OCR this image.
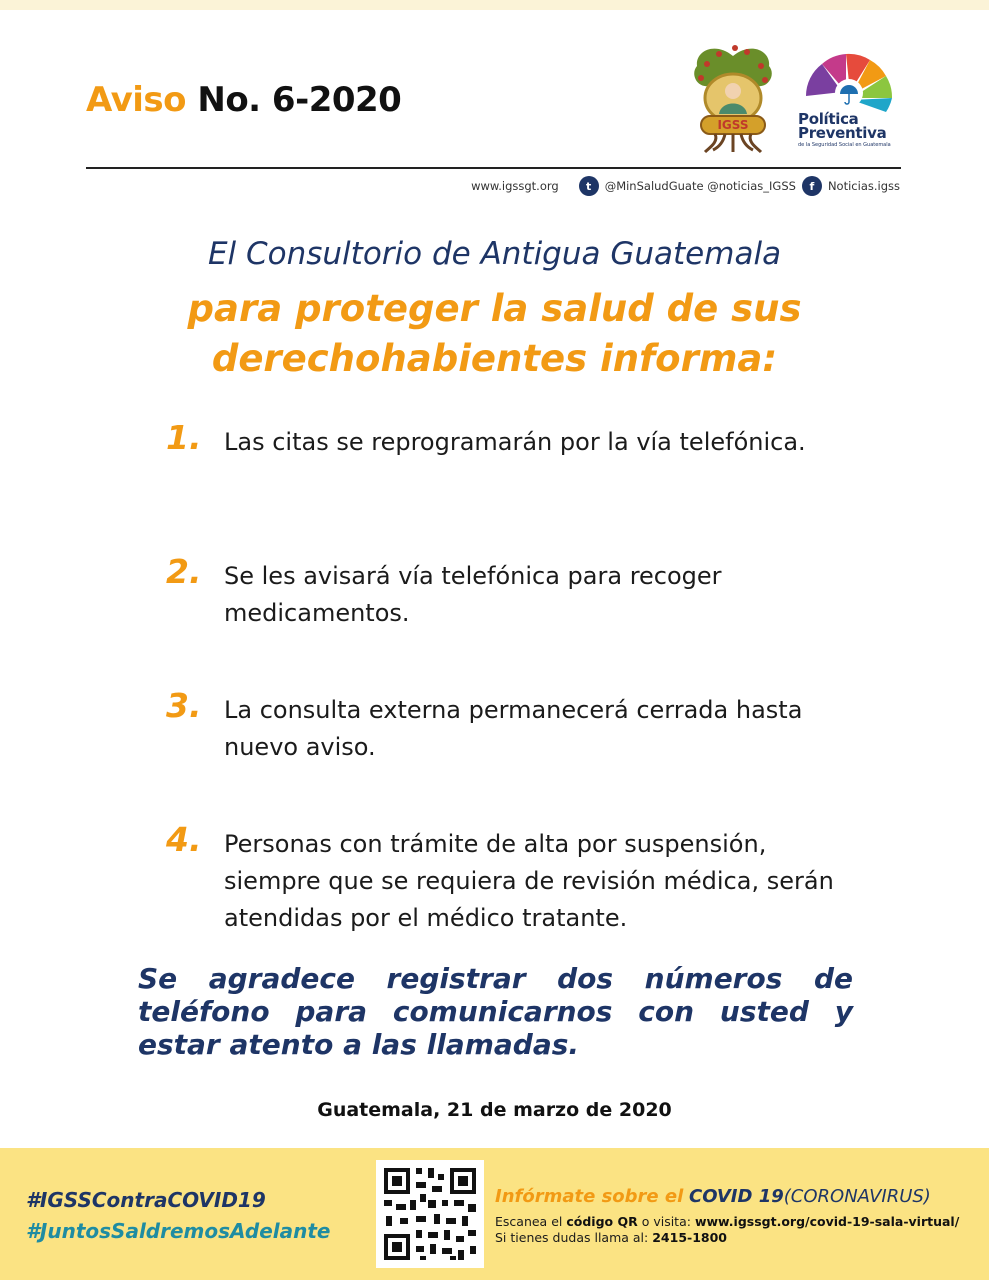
Aviso No. 6-2020
IGSS	Política
Preventiva
de la Seguridad Social en Guatemala
www.igssgt.org	t	@MinSaludGuate @noticias_IGSS	f	Noticias.igss
El Consultorio de Antigua Guatemala
para proteger la salud de sus
derechohabientes informa:
1. Las citas se reprogramarán por la vía telefónica.
2. Se les avisará vía telefónica para recoger medicamentos.
3. La consulta externa permanecerá cerrada hasta nuevo aviso.
4. Personas con trámite de alta por suspensión, siempre que se requiera de revisión médica, serán atendidas por el médico tratante.
Se agradece registrar dos números de teléfono para comunicarnos con usted y estar atento a las llamadas.
Guatemala, 21 de marzo de 2020
#IGSSContraCOVID19
#JuntosSaldremosAdelante
Infórmate sobre el COVID 19(CORONAVIRUS)
Escanea el código QR o visita: www.igssgt.org/covid-19-sala-virtual/
Si tienes dudas llama al: 2415-1800
